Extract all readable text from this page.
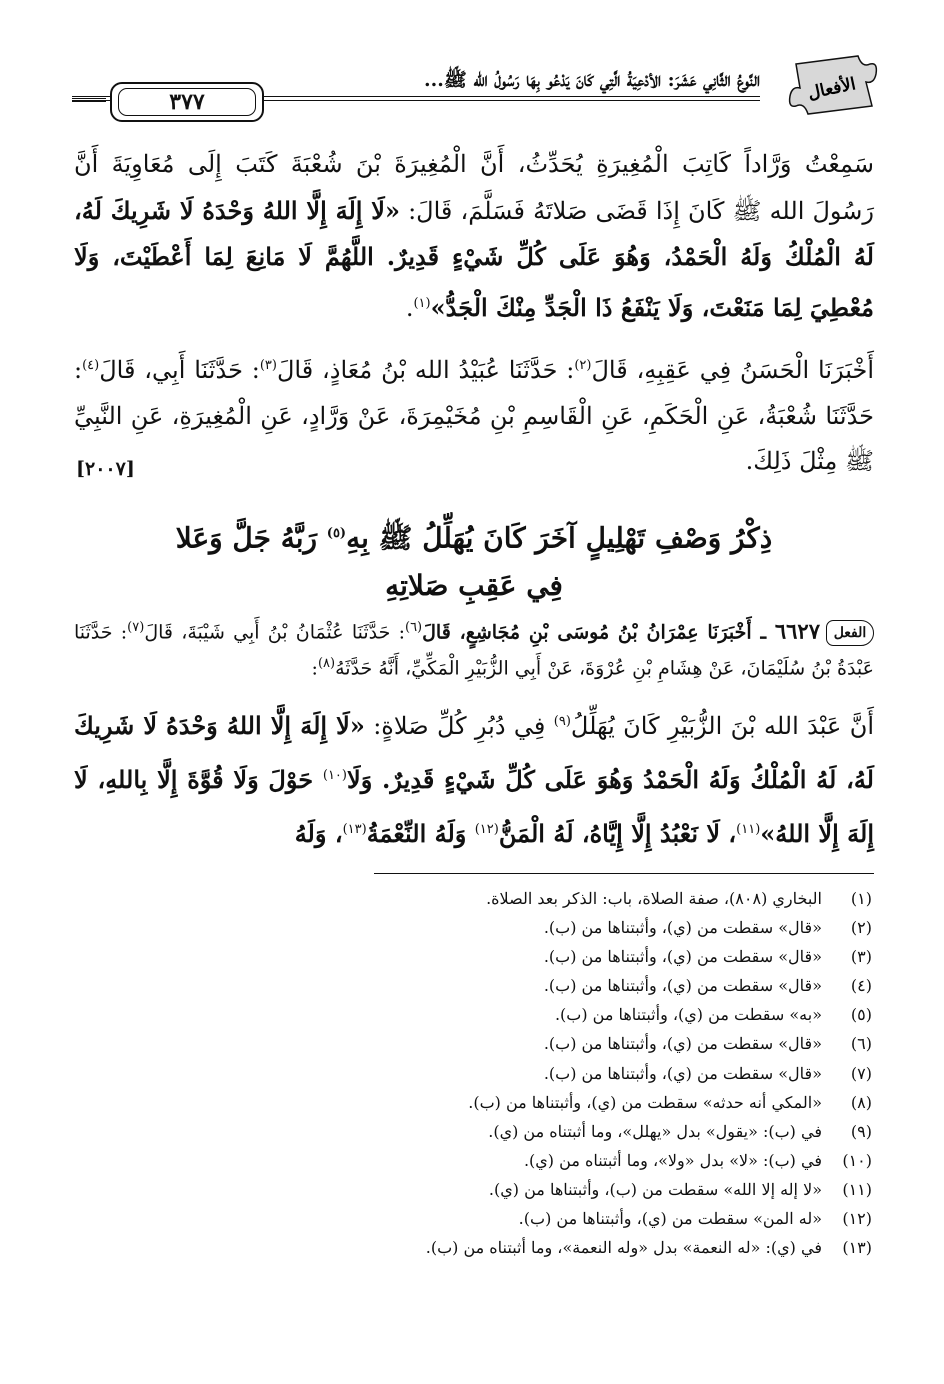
٣٧٧
النَّوعُ الثَّانِي عَشَرَ: الأدْعِيَةُ الَّتِي كَانَ يَدْعُو بِهَا رَسُولُ الله ﷺ...	الأفعال

سَمِعْتُ وَرَّاداً كَاتِبَ الْمُغِيرَةِ يُحَدِّثُ، أَنَّ الْمُغِيرَةَ بْنَ شُعْبَةَ كَتَبَ إِلَى مُعَاوِيَةَ أَنَّ رَسُولَ الله ﷺ كَانَ إِذَا قَضَى صَلاتَهُ فَسَلَّمَ، قَالَ: «لَا إِلَهَ إِلَّا اللهُ وَحْدَهُ لَا شَرِيكَ لَهُ، لَهُ الْمُلْكُ وَلَهُ الْحَمْدُ، وَهُوَ عَلَى كُلِّ شَيْءٍ قَدِيرٌ. اللَّهُمَّ لَا مَانِعَ لِمَا أَعْطَيْتَ، وَلَا مُعْطِيَ لِمَا مَنَعْتَ، وَلَا يَنْفَعُ ذَا الْجَدِّ مِنْكَ الْجَدُّ»$^{(١)}$.

أَخْبَرَنَا الْحَسَنُ فِي عَقِبِهِ، قَالَ$^{(٢)}$: حَدَّثَنَا عُبَيْدُ الله بْنُ مُعَاذٍ، قَالَ$^{(٣)}$: حَدَّثَنَا أَبِي، قَالَ$^{(٤)}$: حَدَّثَنَا شُعْبَةُ، عَنِ الْحَكَمِ، عَنِ الْقَاسِمِ بْنِ مُخَيْمِرَةَ، عَنْ وَرَّادٍ، عَنِ الْمُغِيرَةِ، عَنِ النَّبِيِّ ﷺ مِثْلَ ذَلِكَ.

[٢٠٠٧]
ذِكْرُ وَصْفِ تَهْلِيلٍ آخَرَ كَانَ يُهَلِّلُ ﷺ بِهِ$^{(٥)}$ رَبَّهُ جَلَّ وَعَلا
فِي عَقِبِ صَلاتِهِ
الفعل٦٦٢٧ ـ أَخْبَرَنَا عِمْرَانُ بْنُ مُوسَى بْنِ مُجَاشِعٍ، قَالَ$^{(٦)}$: حَدَّثَنَا عُثْمَانُ بْنُ أَبِي شَيْبَةَ، قَالَ$^{(٧)}$: حَدَّثَنَا عَبْدَةُ بْنُ سُلَيْمَانَ، عَنْ هِشَامِ بْنِ عُرْوَةَ، عَنْ أَبِي الزُّبَيْرِ الْمَكِّيِّ، أَنَّهُ حَدَّثَهُ$^{(٨)}$:
أَنَّ عَبْدَ الله بْنَ الزُّبَيْرِ كَانَ يُهَلِّلُ$^{(٩)}$ فِي دُبُرِ كُلِّ صَلاةٍ: «لَا إِلَهَ إِلَّا اللهُ وَحْدَهُ لَا شَرِيكَ لَهُ، لَهُ الْمُلْكُ وَلَهُ الْحَمْدُ وَهُوَ عَلَى كُلِّ شَيْءٍ قَدِيرٌ. وَلَا$^{(١٠)}$ حَوْلَ وَلَا قُوَّةَ إِلَّا بِاللهِ، لَا إِلَهَ إِلَّا اللهُ»$^{(١١)}$، لَا نَعْبُدُ إِلَّا إِيَّاهُ، لَهُ الْمَنُّ$^{(١٢)}$ وَلَهُ النِّعْمَةُ$^{(١٣)}$، وَلَهُ
(١)البخاري (٨٠٨)، صفة الصلاة، باب: الذكر بعد الصلاة.
(٢)«قال» سقطت من (ي)، وأثبتناها من (ب).
(٣)«قال» سقطت من (ي)، وأثبتناها من (ب).
(٤)«قال» سقطت من (ي)، وأثبتناها من (ب).
(٥)«به» سقطت من (ي)، وأثبتناها من (ب).
(٦)«قال» سقطت من (ي)، وأثبتناها من (ب).
(٧)«قال» سقطت من (ي)، وأثبتناها من (ب).
(٨)«المكي أنه حدثه» سقطت من (ي)، وأثبتناها من (ب).
(٩)في (ب): «يقول» بدل «يهلل»، وما أثبتناه من (ي).
(١٠)في (ب): «لا» بدل «ولا»، وما أثبتناه من (ي).
(١١)«لا إله إلا الله» سقطت من (ب)، وأثبتناها من (ي).
(١٢)«له المن» سقطت من (ي)، وأثبتناها من (ب).
(١٣)في (ي): «له النعمة» بدل «وله النعمة»، وما أثبتناه من (ب).
